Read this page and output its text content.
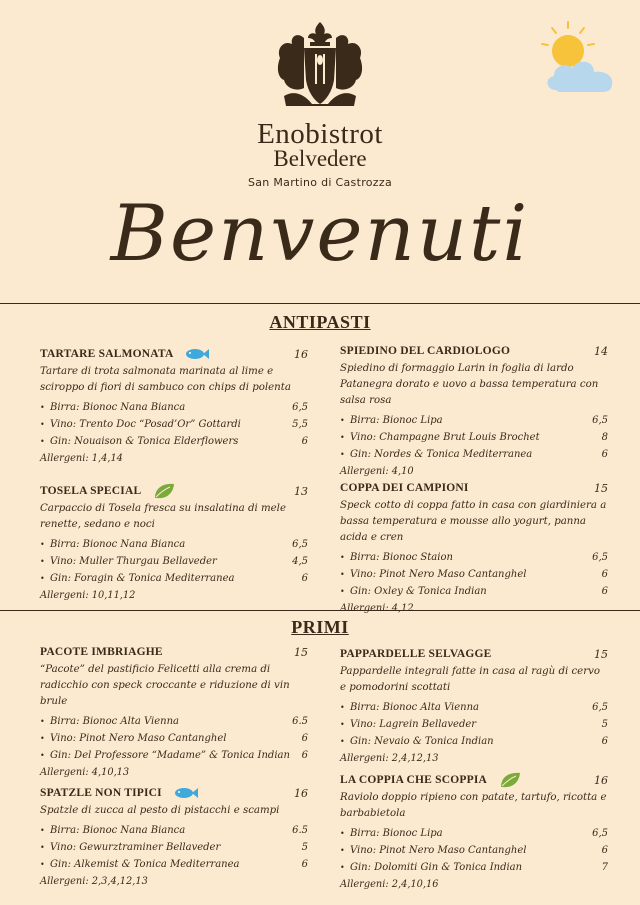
Enobistrot
Belvedere
San Martino di Castrozza
Benvenuti
ANTIPASTI
PRIMI
TARTARE SALMONATA	16
Tartare di trota salmonata marinata al lime e sciroppo di fiori di sambuco con chips di polenta
• Birra: Bionoc Nana Bianca	6,5
• Vino: Trento Doc “Posad’Or” Gottardi	5,5
• Gin: Nouaison & Tonica Elderflowers	6
Allergeni: 1,4,14
SPIEDINO DEL CARDIOLOGO	14
Spiedino di formaggio Larin in foglia di lardo Patanegra dorato e uovo a bassa temperatura con salsa rosa
• Birra: Bionoc Lipa	6,5
• Vino: Champagne Brut Louis Brochet	8
• Gin: Nordes & Tonica Mediterranea	6
Allergeni: 4,10
TOSELA SPECIAL	13
Carpaccio di Tosela fresca su insalatina di mele renette, sedano e noci
• Birra: Bionoc Nana Bianca	6,5
• Vino: Muller Thurgau Bellaveder	4,5
• Gin: Foragin & Tonica Mediterranea	6
Allergeni: 10,11,12
COPPA DEI CAMPIONI	15
Speck cotto di coppa fatto in casa con giardiniera a bassa temperatura e mousse allo yogurt, panna acida e cren
• Birra: Bionoc Staion	6,5
• Vino: Pinot Nero Maso Cantanghel	6
• Gin: Oxley & Tonica Indian	6
Allergeni: 4,12
PACOTE IMBRIAGHE	15
“Pacote” del pastificio Felicetti alla crema di radicchio con speck croccante e riduzione di vin brule
• Birra: Bionoc Alta Vienna	6.5
• Vino: Pinot Nero Maso Cantanghel	6
• Gin: Del Professore “Madame” & Tonica Indian 6
Allergeni: 4,10,13
PAPPARDELLE SELVAGGE	15
Pappardelle integrali fatte in casa al ragù di cervo e pomodorini scottati
• Birra: Bionoc Alta Vienna	6,5
• Vino: Lagrein Bellaveder	5
• Gin: Nevaio & Tonica Indian	6
Allergeni: 2,4,12,13
SPATZLE NON TIPICI	16
Spatzle di zucca al pesto di pistacchi e scampi
• Birra: Bionoc Nana Bianca	6.5
• Vino: Gewurztraminer Bellaveder	5
• Gin: Alkemist & Tonica Mediterranea	6
Allergeni: 2,3,4,12,13
LA COPPIA CHE SCOPPIA	16
Raviolo doppio ripieno con patate, tartufo, ricotta e barbabietola
• Birra: Bionoc Lipa	6,5
• Vino: Pinot Nero Maso Cantanghel	6
• Gin: Dolomiti Gin & Tonica Indian	7
Allergeni: 2,4,10,16
